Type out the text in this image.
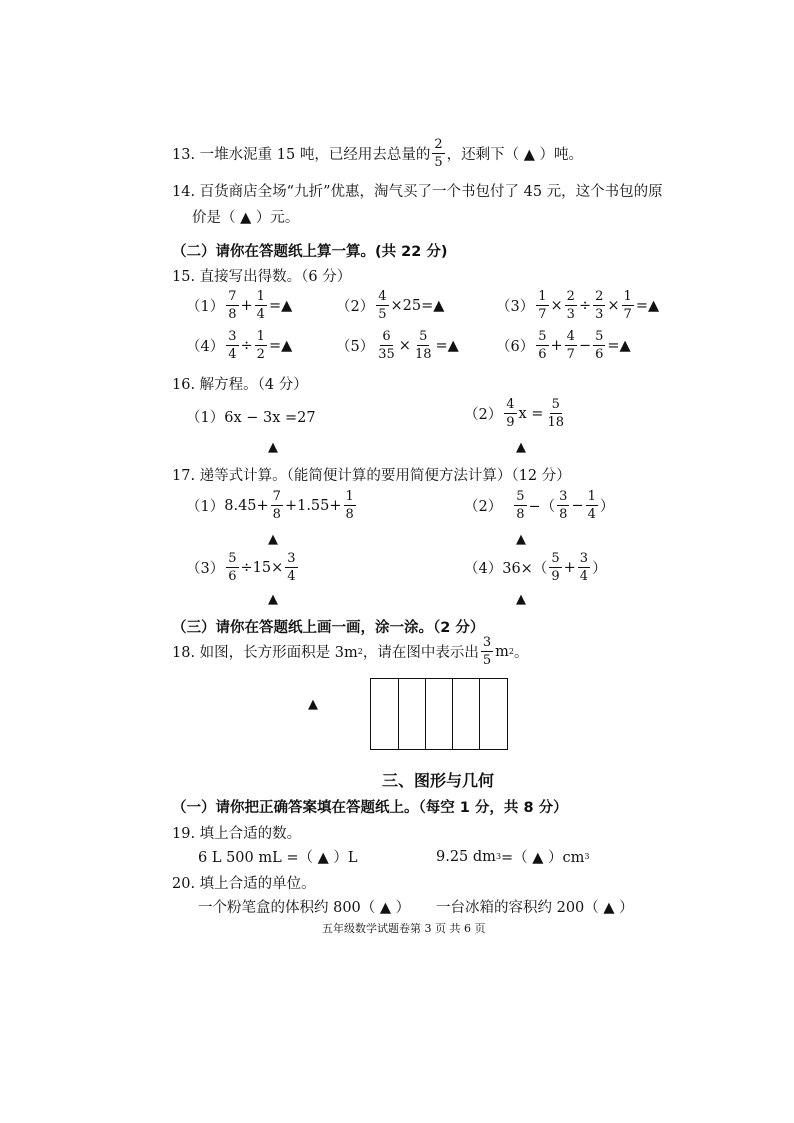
13. 一堆水泥重 15 吨，已经用去总量的 $\frac{2}{5}$ ，还剩下（ ▲ ）吨。
14. 百货商店全场“九折”优惠，淘气买了一个书包付了 45 元，这个书包的原
价是（ ▲ ）元。
（二）请你在答题纸上算一算。(共 22 分)
15. 直接写出得数。（6 分）
$(1) \frac{7}{8} + \frac{1}{4}$ =▲	$(2) \frac{4}{5}$ ×25=▲	$(3) \frac{1}{7} \times \frac{2}{3} \div \frac{2}{3} \times \frac{1}{7}$ =▲
$(4) \frac{3}{4} \div \frac{1}{2}$ =▲	$(5) \frac{6}{35} \times \frac{5}{18}$ =▲	$(6) \frac{5}{6} + \frac{4}{7} - \frac{5}{6}$ =▲
16. 解方程。（4 分）
（1）6x − 3x =27	$(2) \frac{4}{9}$ $x = \frac{5}{18}$
▲	▲
17. 递等式计算。（能简便计算的要用简便方法计算）（12 分）
（1） $8.45+ \frac{7}{8} +1.55+ \frac{1}{8}$	$(2) \frac{5}{8}$ −（ $\frac{3}{8} - \frac{1}{4}$ ）
▲	▲
$(3) \frac{5}{6} \div 15\times \frac{3}{4}$	（4） $36\times( \frac{5}{9} + \frac{3}{4}$ ）
▲	▲
（三）请你在答题纸上画一画，涂一涂。（2 分）
18. 如图，长方形面积是 3m 2 ，请在图中表示出 $\frac{3}{5}$ m 2 。
▲
三、图形与几何
（一）请你把正确答案填在答题纸上。（每空 1 分，共 8 分）
19. 填上合适的数。
6 L 500 mL =（ ▲ ）L	9.25 dm 3 =（ ▲ ）cm 3
20. 填上合适的单位。
一个粉笔盒的体积约 800（ ▲ ） 一台冰箱的容积约 200（ ▲ ）
五年级数学试题卷第 3 页 共 6 页
